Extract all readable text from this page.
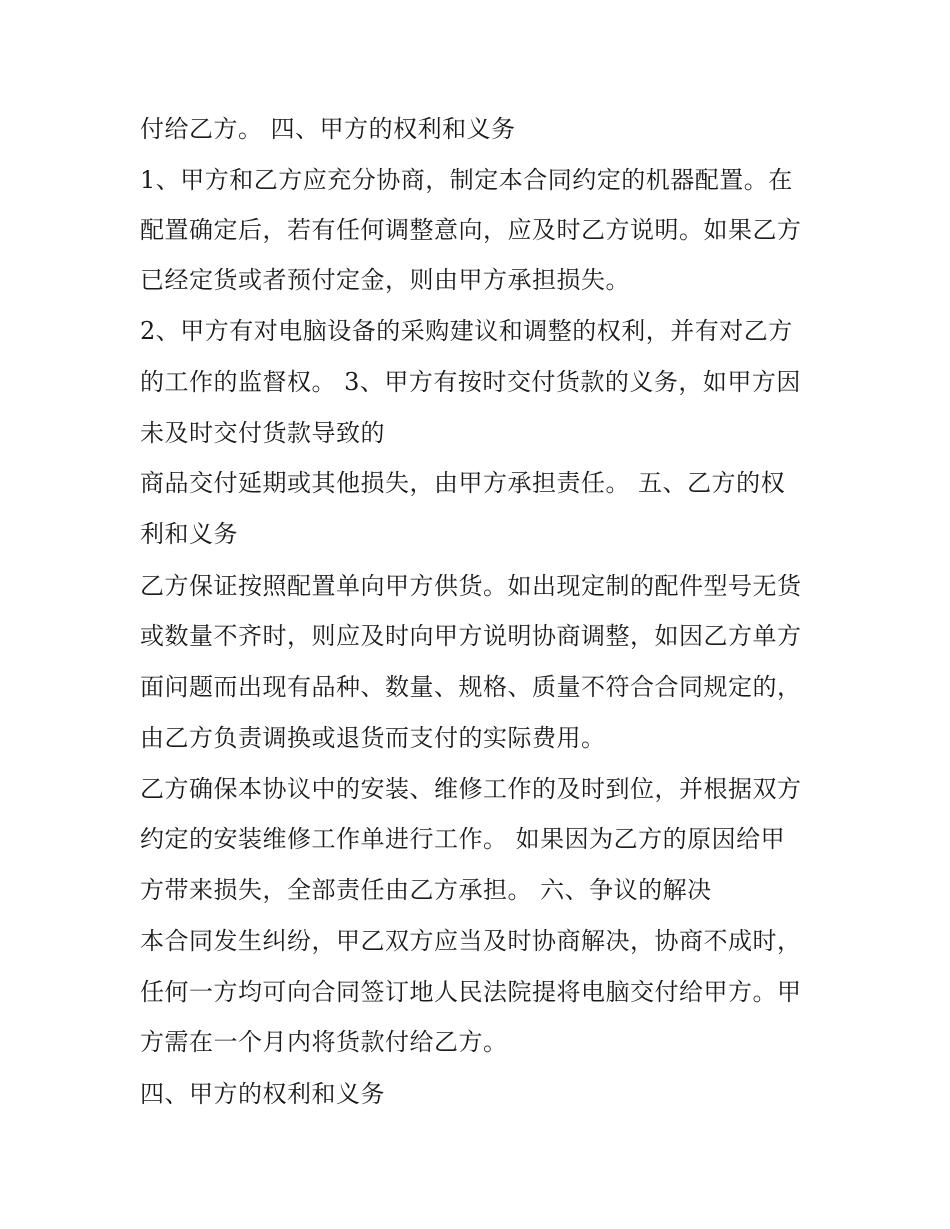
付给乙方。 四、甲方的权利和义务
1、甲方和乙方应充分协商，制定本合同约定的机器配置。在
配置确定后，若有任何调整意向，应及时乙方说明。如果乙方
已经定货或者预付定金，则由甲方承担损失。
2、甲方有对电脑设备的采购建议和调整的权利，并有对乙方
的工作的监督权。 3、甲方有按时交付货款的义务，如甲方因
未及时交付货款导致的
商品交付延期或其他损失，由甲方承担责任。 五、乙方的权
利和义务
乙方保证按照配置单向甲方供货。如出现定制的配件型号无货
或数量不齐时，则应及时向甲方说明协商调整，如因乙方单方
面问题而出现有品种、数量、规格、质量不符合合同规定的，
由乙方负责调换或退货而支付的实际费用。
乙方确保本协议中的安装、维修工作的及时到位，并根据双方
约定的安装维修工作单进行工作。 如果因为乙方的原因给甲
方带来损失，全部责任由乙方承担。 六、争议的解决
本合同发生纠纷，甲乙双方应当及时协商解决，协商不成时，
任何一方均可向合同签订地人民法院提将电脑交付给甲方。甲
方需在一个月内将货款付给乙方。
四、甲方的权利和义务
